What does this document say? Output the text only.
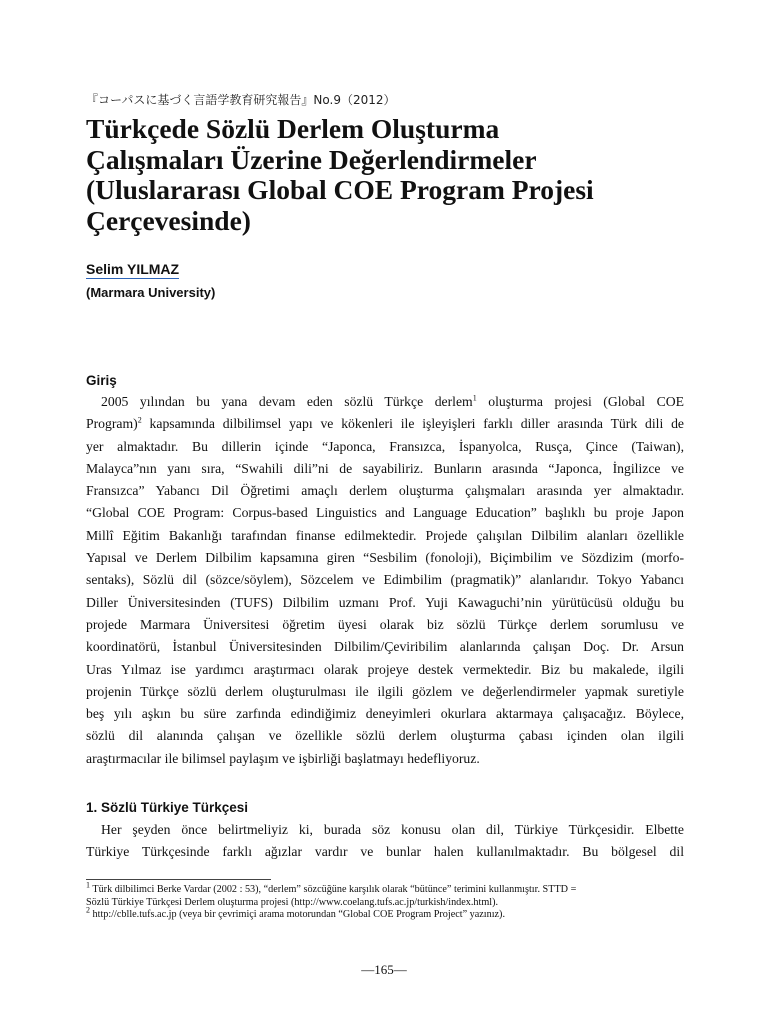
『コーパスに基づく言語学教育研究報告』No.9（2012）
Türkçede Sözlü Derlem Oluşturma
Çalışmaları Üzerine Değerlendirmeler
(Uluslararası Global COE Program Projesi
Çerçevesinde)
Selim YILMAZ
(Marmara University)
Giriş
2005 yılından bu yana devam eden sözlü Türkçe derlem$^1$ oluşturma projesi (Global COE
Program)$^2$ kapsamında dilbilimsel yapı ve kökenleri ile işleyişleri farklı diller arasında Türk dili de
yer almaktadır. Bu dillerin içinde “Japonca, Fransızca, İspanyolca, Rusça, Çince (Taiwan),
Malayca”nın yanı sıra, “Swahili dili”ni de sayabiliriz. Bunların arasında “Japonca, İngilizce ve
Fransızca” Yabancı Dil Öğretimi amaçlı derlem oluşturma çalışmaları arasında yer almaktadır.
“Global COE Program: Corpus-based Linguistics and Language Education” başlıklı bu proje Japon
Millî Eğitim Bakanlığı tarafından finanse edilmektedir. Projede çalışılan Dilbilim alanları özellikle
Yapısal ve Derlem Dilbilim kapsamına giren “Sesbilim (fonoloji), Biçimbilim ve Sözdizim (morfo-
sentaks), Sözlü dil (sözce/söylem), Sözcelem ve Edimbilim (pragmatik)” alanlarıdır. Tokyo Yabancı
Diller Üniversitesinden (TUFS) Dilbilim uzmanı Prof. Yuji Kawaguchi’nin yürütücüsü olduğu bu
projede Marmara Üniversitesi öğretim üyesi olarak biz sözlü Türkçe derlem sorumlusu ve
koordinatörü, İstanbul Üniversitesinden Dilbilim/Çeviribilim alanlarında çalışan Doç. Dr. Arsun
Uras Yılmaz ise yardımcı araştırmacı olarak projeye destek vermektedir. Biz bu makalede, ilgili
projenin Türkçe sözlü derlem oluşturulması ile ilgili gözlem ve değerlendirmeler yapmak suretiyle
beş yılı aşkın bu süre zarfında edindiğimiz deneyimleri okurlara aktarmaya çalışacağız. Böylece,
sözlü dil alanında çalışan ve özellikle sözlü derlem oluşturma çabası içinden olan ilgili
araştırmacılar ile bilimsel paylaşım ve işbirliği başlatmayı hedefliyoruz.
1. Sözlü Türkiye Türkçesi
Her şeyden önce belirtmeliyiz ki, burada söz konusu olan dil, Türkiye Türkçesidir. Elbette
Türkiye Türkçesinde farklı ağızlar vardır ve bunlar halen kullanılmaktadır. Bu bölgesel dil
$^1$ Türk dilbilimci Berke Vardar (2002 : 53), “derlem” sözcüğüne karşılık olarak “bütünce” terimini kullanmıştır. STTD =
Sözlü Türkiye Türkçesi Derlem oluşturma projesi (http://www.coelang.tufs.ac.jp/turkish/index.html).
$^2$ http://cblle.tufs.ac.jp (veya bir çevrimiçi arama motorundan “Global COE Program Project” yazınız).
―165―
